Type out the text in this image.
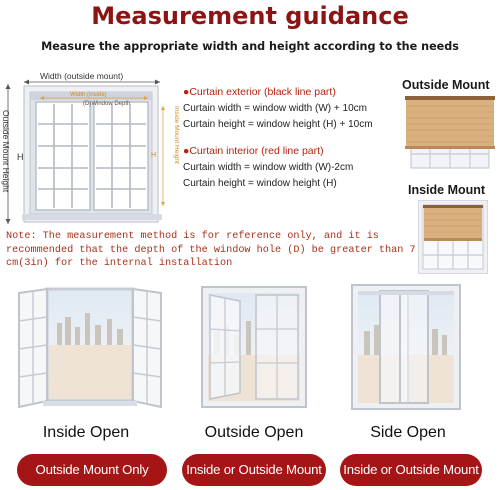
Measurement guidance
Measure the appropriate width and height according to the needs
Width (outside mount)
Width (inside)
(D)Window Depth
H	H
Outside Mount Height	Inside Mount Height
●Curtain exterior (black line part)
Curtain width = window width (W) + 10cm
Curtain height = window height (H) + 10cm
●Curtain interior (red line part)
Curtain width = window width (W)-2cm
Curtain height = window height (H)
Outside Mount
Inside Mount
Note: The measurement method is for reference only, and it is recommended that the depth of the window hole (D) be greater than 7 cm(3in) for the internal installation
Inside Open	Outside Open	Side Open
Outside Mount Only	Inside or Outside Mount	Inside or Outside Mount
